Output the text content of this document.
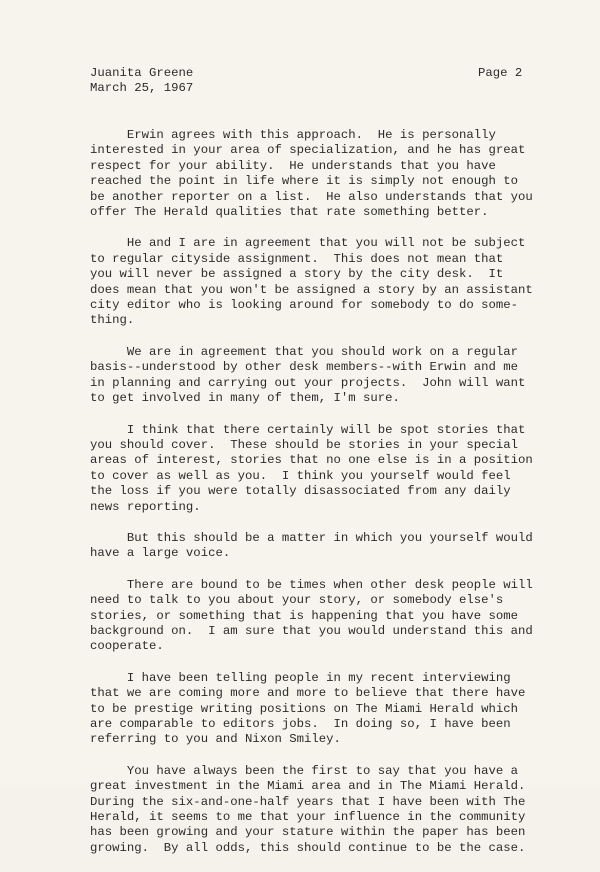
Juanita Greene
March 25, 1967
Page 2
Erwin agrees with this approach.  He is personally
interested in your area of specialization, and he has great
respect for your ability.  He understands that you have
reached the point in life where it is simply not enough to
be another reporter on a list.  He also understands that you
offer The Herald qualities that rate something better.
He and I are in agreement that you will not be subject
to regular cityside assignment.  This does not mean that
you will never be assigned a story by the city desk.  It
does mean that you won't be assigned a story by an assistant
city editor who is looking around for somebody to do some-
thing.
We are in agreement that you should work on a regular
basis--understood by other desk members--with Erwin and me
in planning and carrying out your projects.  John will want
to get involved in many of them, I'm sure.
I think that there certainly will be spot stories that
you should cover.  These should be stories in your special
areas of interest, stories that no one else is in a position
to cover as well as you.  I think you yourself would feel
the loss if you were totally disassociated from any daily
news reporting.
But this should be a matter in which you yourself would
have a large voice.
There are bound to be times when other desk people will
need to talk to you about your story, or somebody else's
stories, or something that is happening that you have some
background on.  I am sure that you would understand this and
cooperate.
I have been telling people in my recent interviewing
that we are coming more and more to believe that there have
to be prestige writing positions on The Miami Herald which
are comparable to editors jobs.  In doing so, I have been
referring to you and Nixon Smiley.
You have always been the first to say that you have a
great investment in the Miami area and in The Miami Herald.
During the six-and-one-half years that I have been with The
Herald, it seems to me that your influence in the community
has been growing and your stature within the paper has been
growing.  By all odds, this should continue to be the case.
